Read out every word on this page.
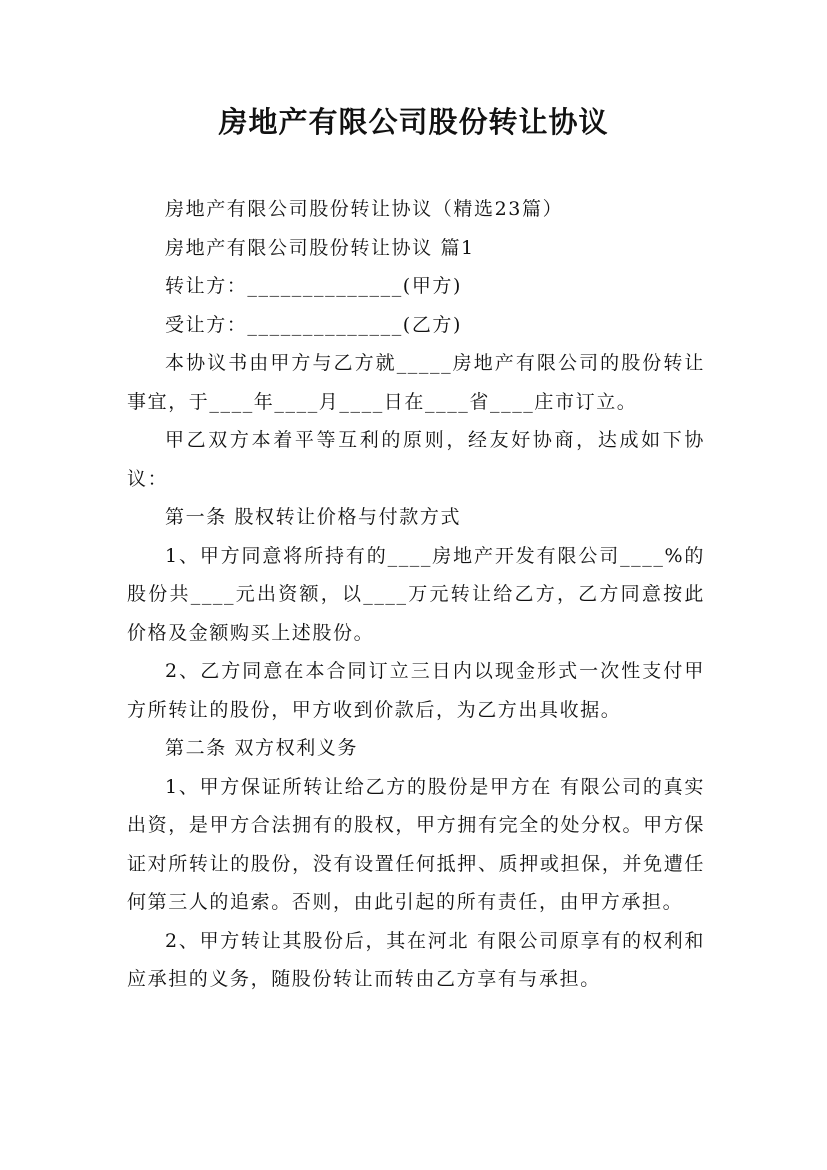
房地产有限公司股份转让协议

房地产有限公司股份转让协议（精选23篇）

房地产有限公司股份转让协议 篇1

转让方：______________(甲方)

受让方：______________(乙方)

本协议书由甲方与乙方就_____房地产有限公司的股份转让事宜，于____年____月____日在____省____庄市订立。

甲乙双方本着平等互利的原则，经友好协商，达成如下协议：

第一条 股权转让价格与付款方式

1、甲方同意将所持有的____房地产开发有限公司____%的股份共____元出资额，以____万元转让给乙方，乙方同意按此价格及金额购买上述股份。

2、乙方同意在本合同订立三日内以现金形式一次性支付甲方所转让的股份，甲方收到价款后，为乙方出具收据。

第二条 双方权利义务

1、甲方保证所转让给乙方的股份是甲方在 有限公司的真实出资，是甲方合法拥有的股权，甲方拥有完全的处分权。甲方保证对所转让的股份，没有设置任何抵押、质押或担保，并免遭任何第三人的追索。否则，由此引起的所有责任，由甲方承担。

2、甲方转让其股份后，其在河北 有限公司原享有的权利和应承担的义务，随股份转让而转由乙方享有与承担。
